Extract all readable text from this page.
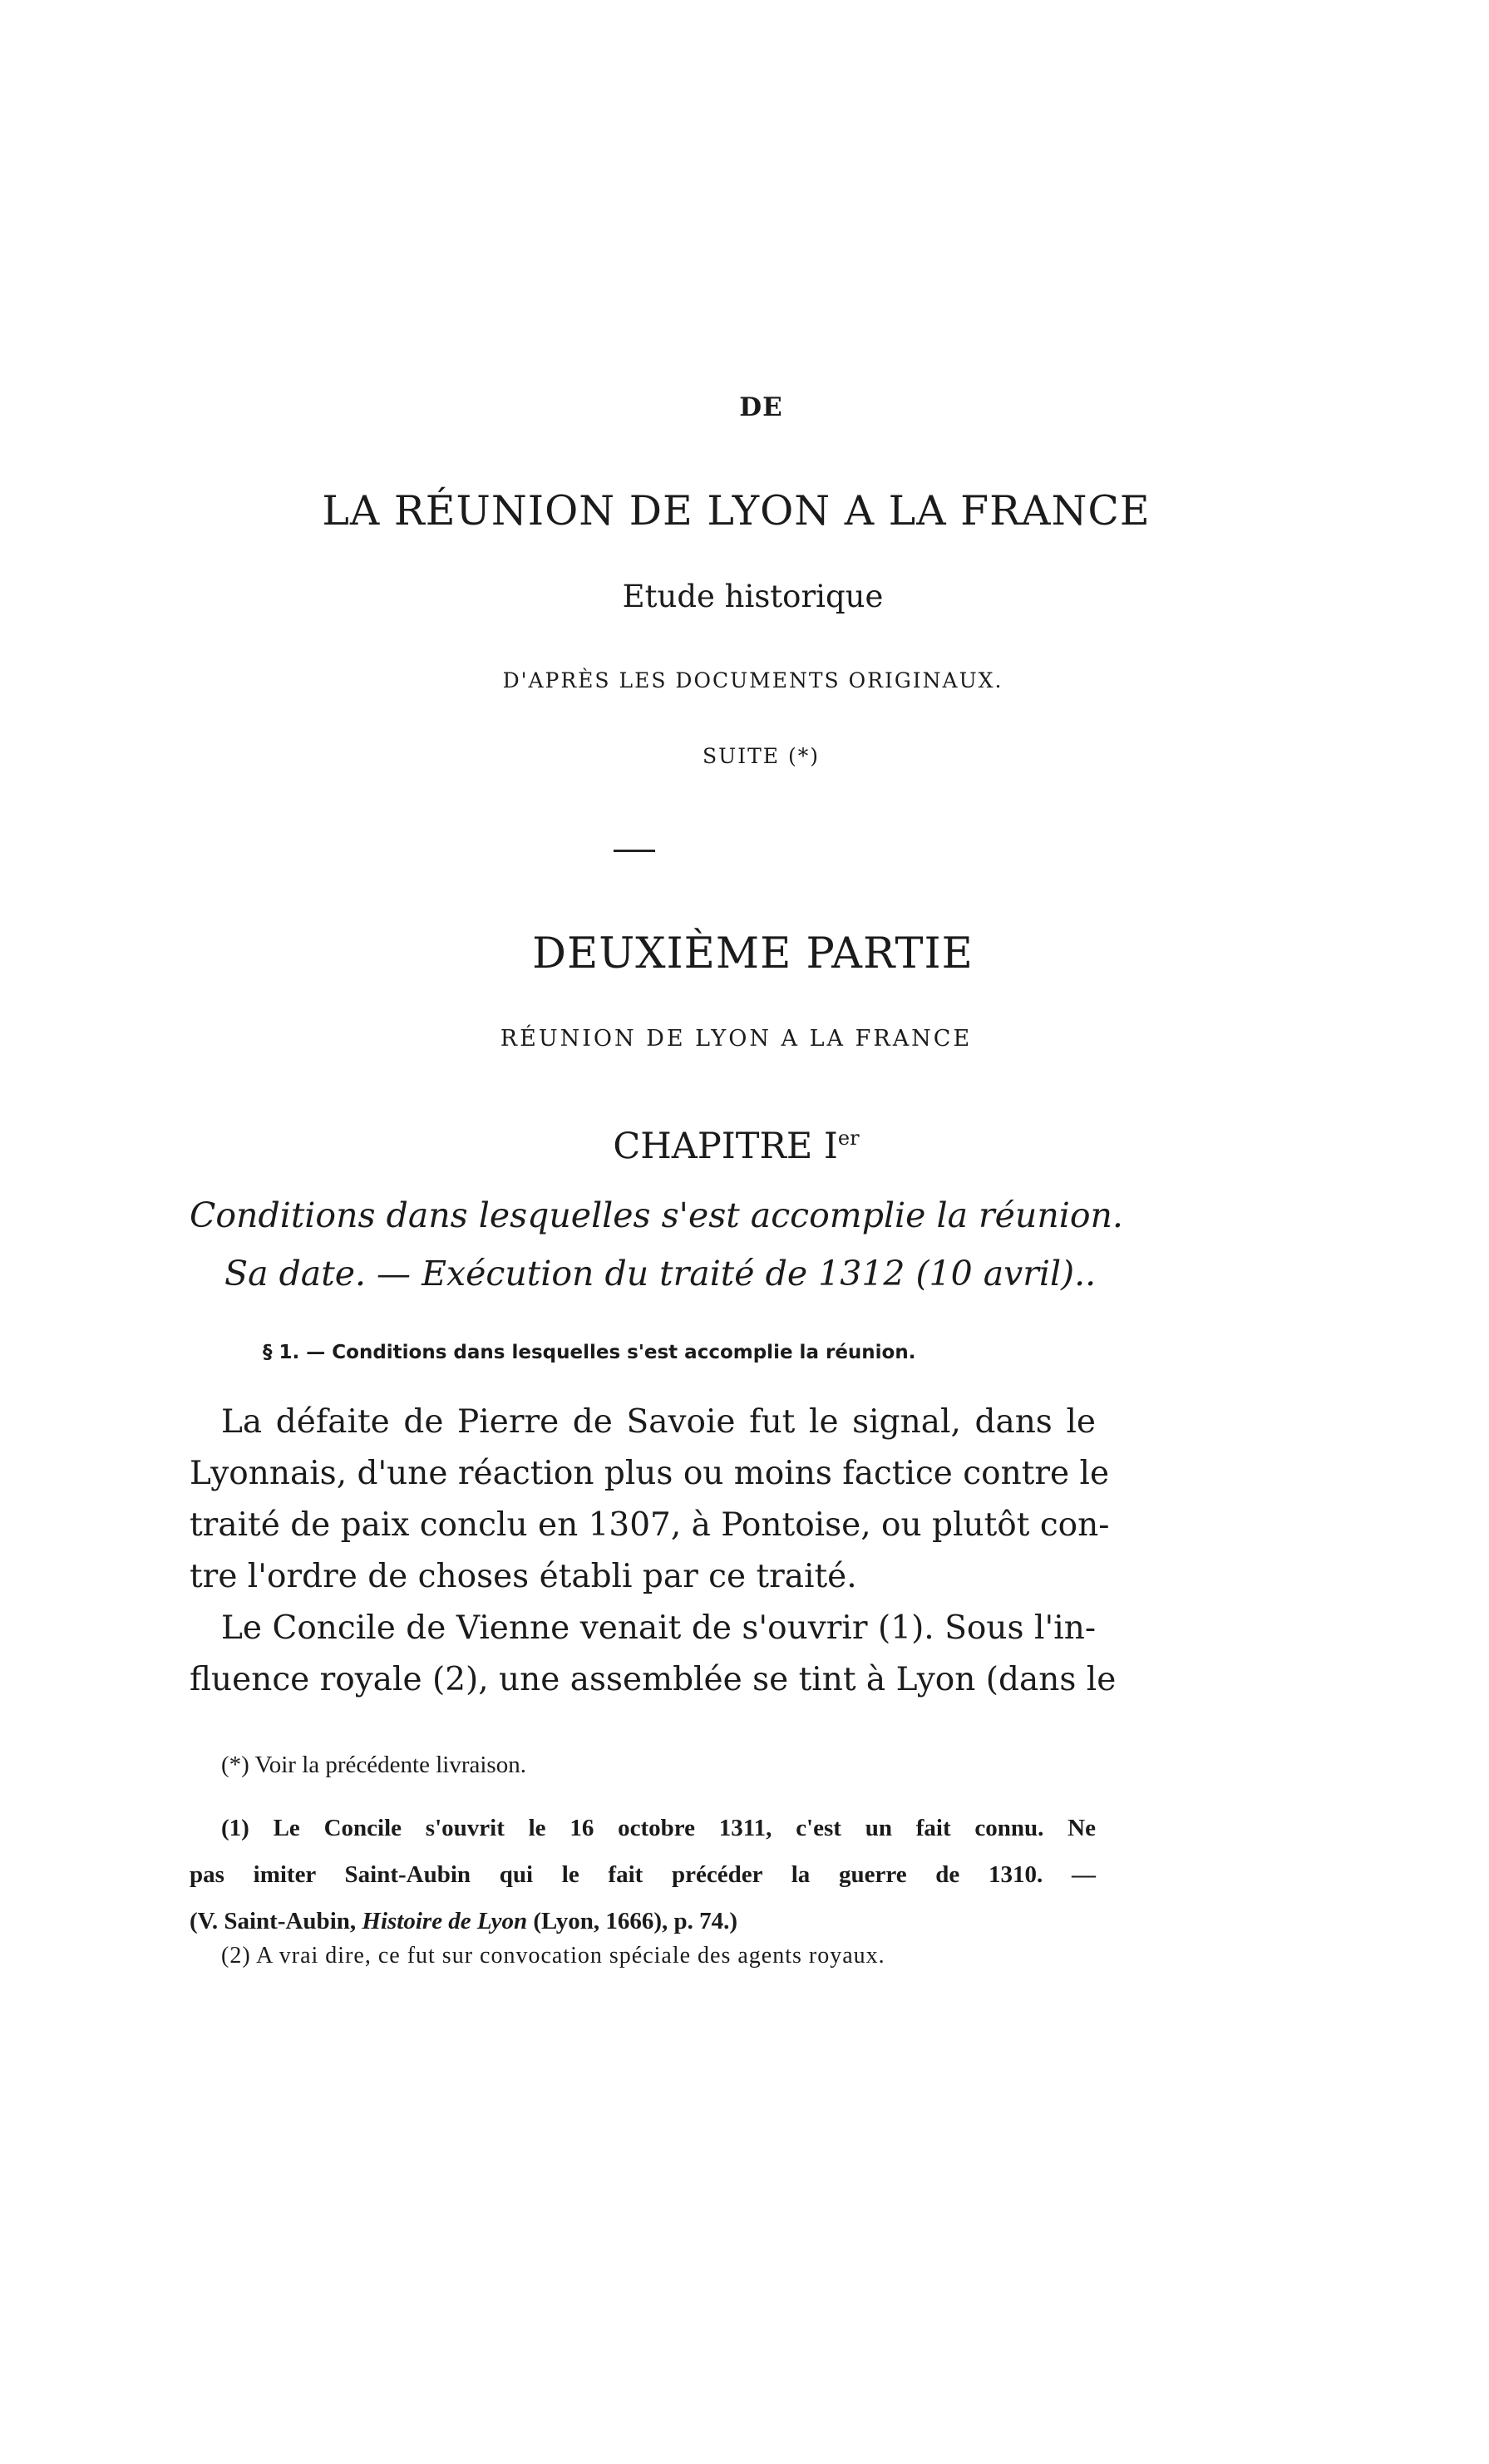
DE
LA RÉUNION DE LYON A LA FRANCE
Etude historique
D'APRÈS LES DOCUMENTS ORIGINAUX.
SUITE (*)
DEUXIÈME PARTIE
RÉUNION DE LYON A LA FRANCE
CHAPITRE Ier
Conditions dans lesquelles s'est accomplie la réunion.
Sa date. — Exécution du traité de 1312 (10 avril)..
§ 1. — Conditions dans lesquelles s'est accomplie la réunion.
La défaite de Pierre de Savoie fut le signal, dans le
Lyonnais, d'une réaction plus ou moins factice contre le
traité de paix conclu en 1307, à Pontoise, ou plutôt con-
tre l'ordre de choses établi par ce traité.
Le Concile de Vienne venait de s'ouvrir (1). Sous l'in-
fluence royale (2), une assemblée se tint à Lyon (dans le
(*) Voir la précédente livraison.
(1) Le Concile s'ouvrit le 16 octobre 1311, c'est un fait connu. Ne
pas imiter Saint-Aubin qui le fait précéder la guerre de 1310. —
(V. Saint-Aubin, Histoire de Lyon (Lyon, 1666), p. 74.)
(2) A vrai dire, ce fut sur convocation spéciale des agents royaux.
